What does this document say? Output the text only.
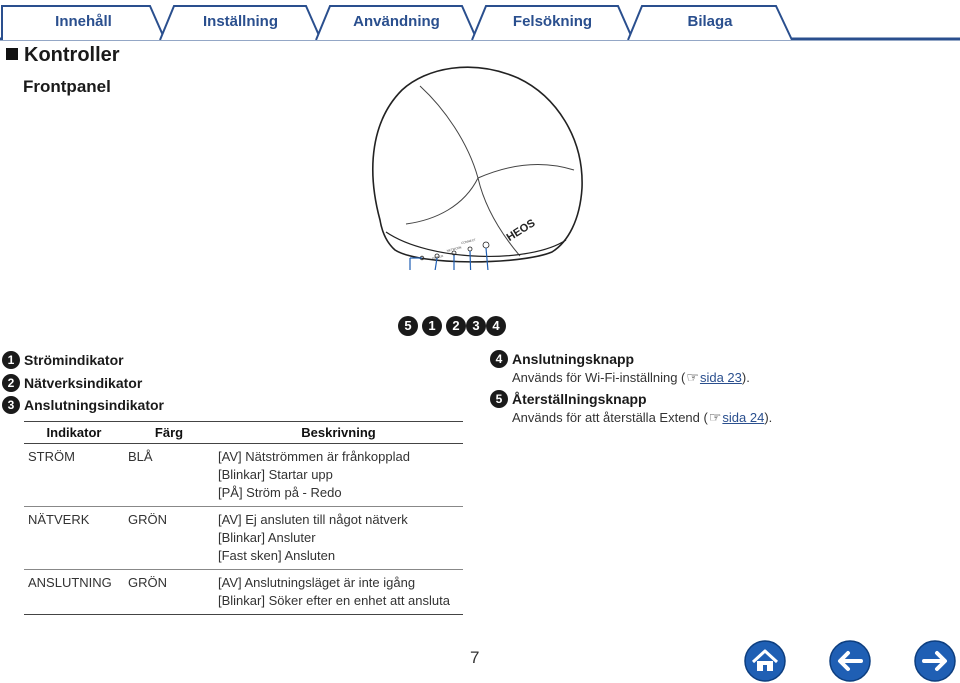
Innehåll	Inställning	Användning	Felsökning	Bilaga
Kontroller
Frontpanel
HEOS
POWER
NETWORK
CONNECT
5	1	2 3 4
1 Strömindikator
2 Nätverksindikator
3 Anslutningsindikator
Indikator	Färg	Beskrivning
STRÖM	BLÅ	[AV] Nätströmmen är frånkopplad
[Blinkar] Startar upp
[PÅ] Ström på - Redo

NÄTVERK	GRÖN	[AV] Ej ansluten till något nätverk
[Blinkar] Ansluter
[Fast sken] Ansluten

ANSLUTNING	GRÖN	[AV] Anslutningsläget är inte igång
[Blinkar] Söker efter en enhet att ansluta
4 Anslutningsknapp
Används för Wi-Fi-inställning (☞sida 23).
5 Återställningsknapp
Används för att återställa Extend (☞sida 24).
7
